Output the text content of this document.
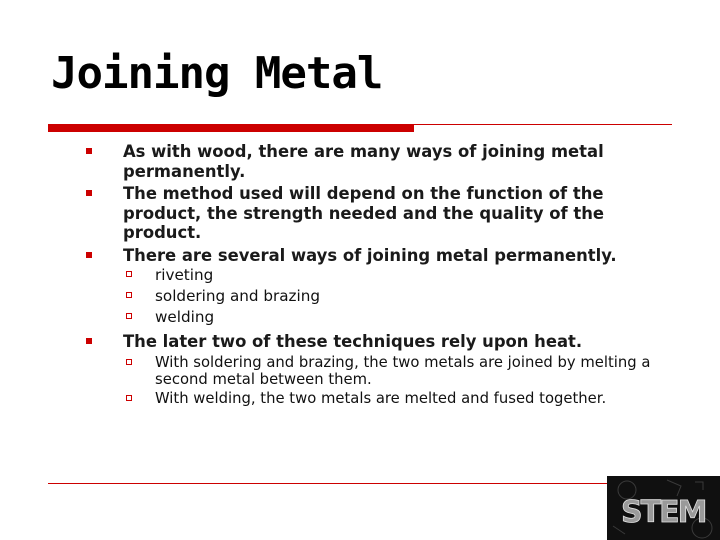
Joining Metal
As with wood, there are many ways of joining metal permanently.
The method used will depend on the function of the product, the strength needed and the quality of the product.
There are several ways of joining metal permanently.
riveting
soldering and brazing
welding
The later two of these techniques rely upon heat.
With soldering and brazing, the two metals are joined by melting a second metal between them.
With welding, the two metals are melted and fused together.
STEM
